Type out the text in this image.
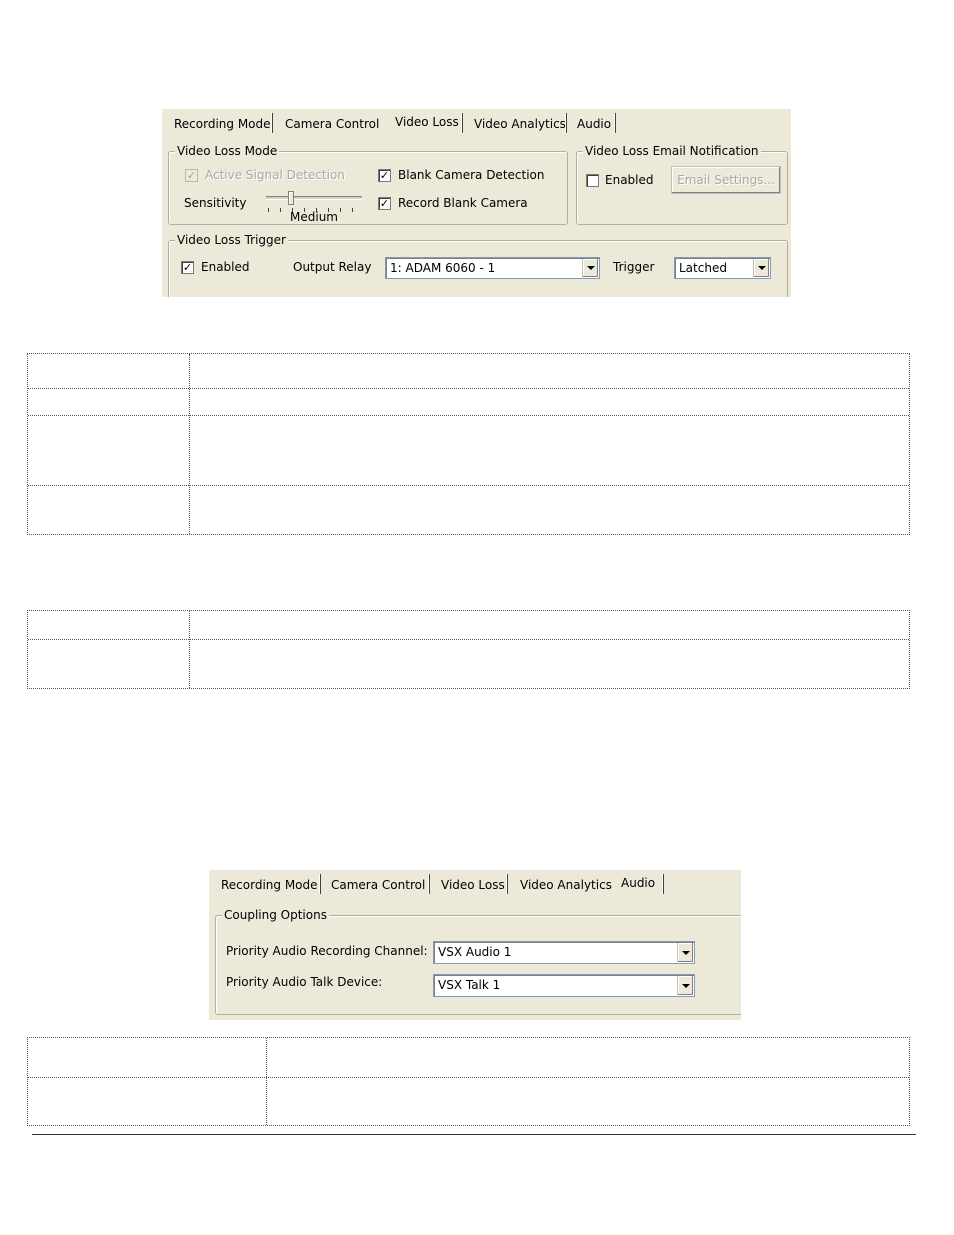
Recording Mode	Camera Control	Video Loss	Video Analytics Audio
Video Loss Mode
✓ Active Signal Detection	✓ Blank Camera Detection
Sensitivity
Medium
✓ Record Blank Camera
Video Loss Email Notification
Enabled	Email Settings...
Video Loss Trigger
✓ Enabled	Output Relay 1: ADAM 6060 - 1	Trigger Latched
Recording Mode	Camera Control	Video Loss	Video Analytics Audio
Coupling Options
Priority Audio Recording Channel: VSX Audio 1
Priority Audio Talk Device:	VSX Talk 1
